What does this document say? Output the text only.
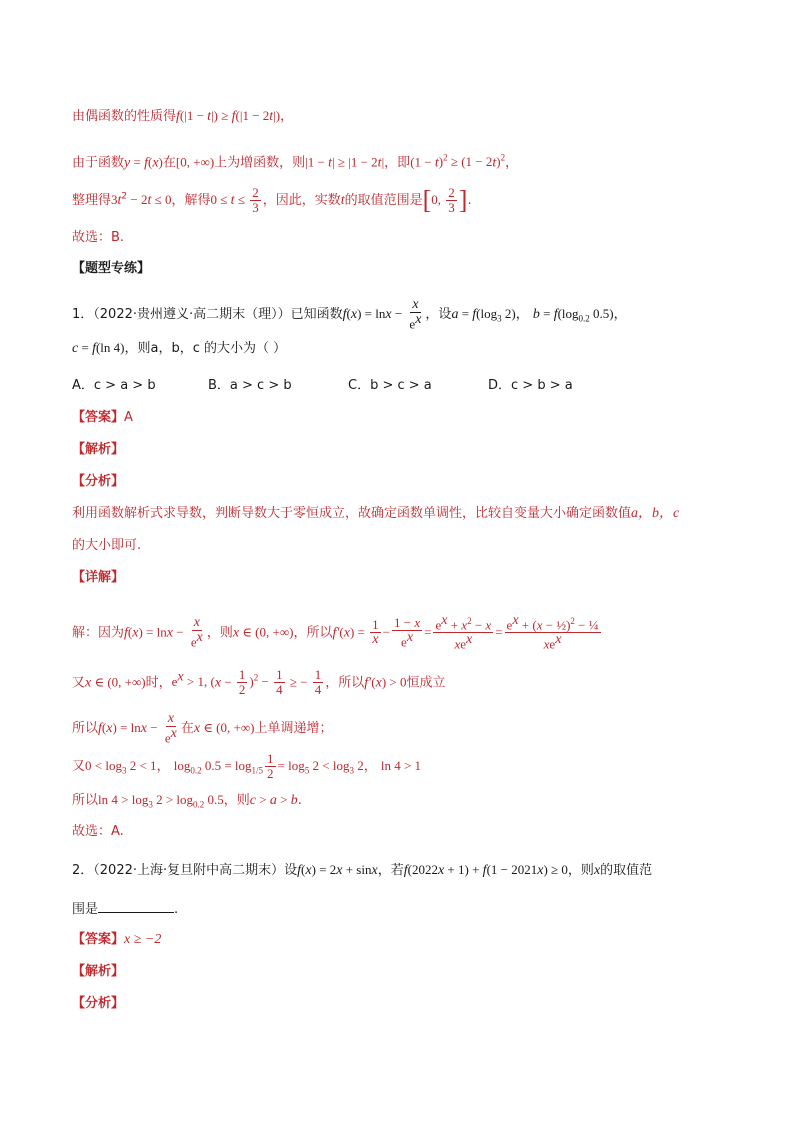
由偶函数的性质得f(|1 − t|) ≥ f(|1 − 2t|)，
由于函数y = f(x)在[0, +∞)上为增函数，则|1 − t| ≥ |1 − 2t|，即$(1 - t)^2 \ge (1 - 2t)^2$，
整理得$3t^2 - 2t \le 0$，解得$0 \le t \le \frac{2}{3}$ ，因此，实数t的取值范围是[0, $\frac{2}{3}$ ].
故选：B.
【题型专练】
1．（2022·贵州遵义·高二期末（理））已知函数$f(x) = \ln x - \frac{x}{e^x}$ ，设$a = f(\log_3$ 2)， $b = f(\log_{0.2}$ 0.5)，
c = f(ln 4)，则a，b，c 的大小为（ ）
A．c > a > b	B．a > c > b	C．b > c > a	D．c > b > a
【答案】A
【解析】
【分析】
利用函数解析式求导数，判断导数大于零恒成立，故确定函数单调性，比较自变量大小确定函数值a，b，c
的大小即可.
【详解】
解：因为$f(x) = \ln x - \frac{x}{e^x}$ ，则x ∈ (0, +∞)，所以$f'(x) = \frac{1}{x} - \frac{1 - x}{e^x} = \frac{e^x + x^2 - x}{xe^x} = \frac{e^x + (x - \frac{1}{2})^2 - \frac{1}{4}}{xe^x}$
又x ∈ (0, +∞)时，$e^x > 1$, $(x - \frac{1}{2} )^2 - \frac{1}{4}$ ≥ − $\frac{1}{4}$ ，所以f′(x) > 0恒成立
所以$f(x) = \ln x - \frac{x}{e^x}$ 在x ∈ (0, +∞)上单调递增；
又$0 < \log_3 2 < 1$， $\log_{0.2} 0.5 = \log_{1/5} \frac{1}{2} = \log_5 2 < \log_3 2$， ln 4 > 1
所以$\ln 4 > \log_3 2 > \log_{0.2} 0.5$，则c > a > b.
故选：A.
2．（2022·上海·复旦附中高二期末）设f(x) = 2x + sinx，若f(2022x + 1) + f(1 − 2021x) ≥ 0，则x的取值范
围是	.
【答案】x ≥ −2
【解析】
【分析】
